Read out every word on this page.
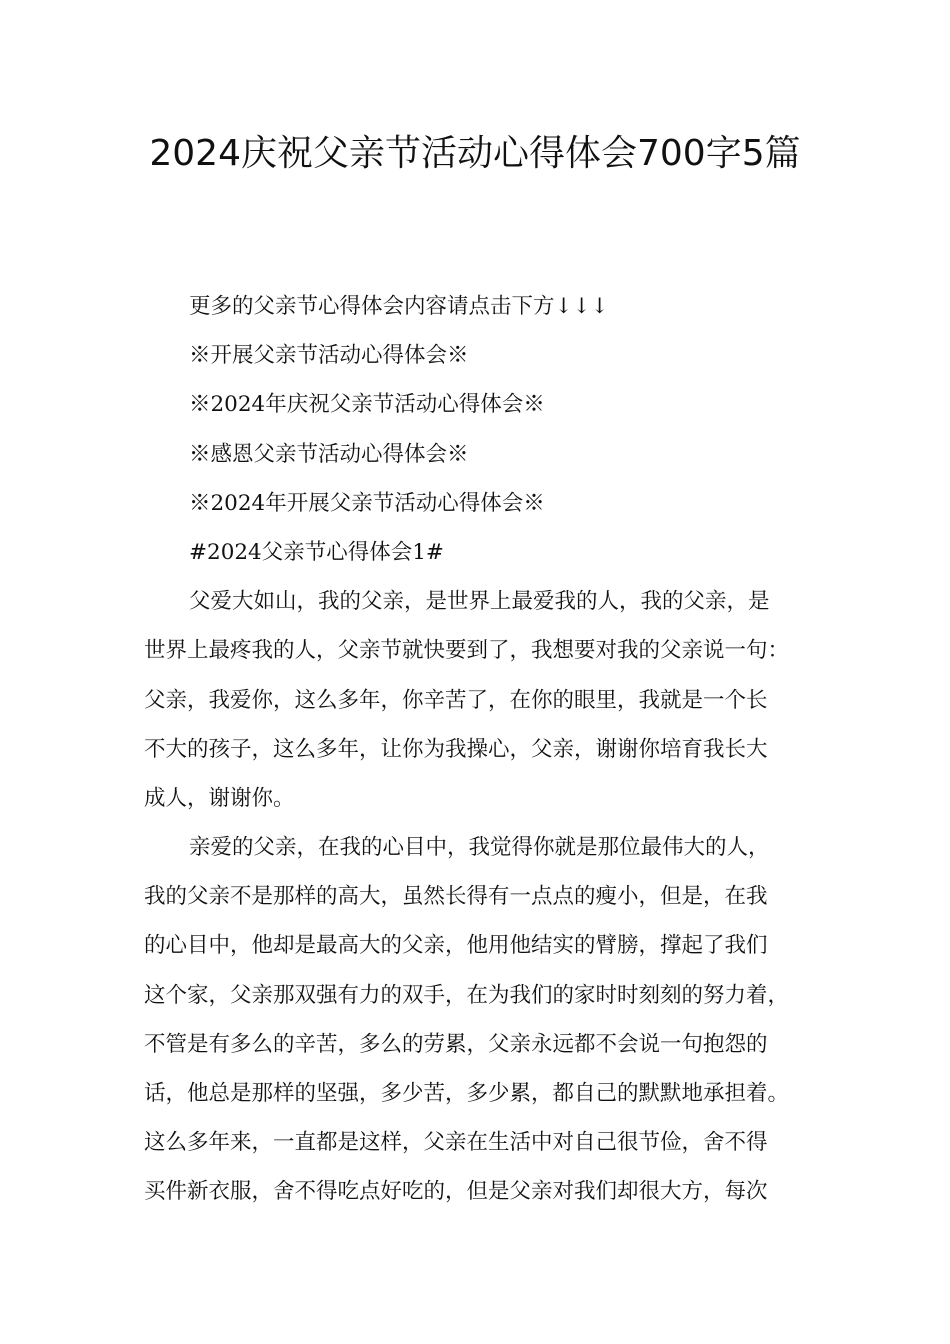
2024庆祝父亲节活动心得体会700字5篇
更多的父亲节心得体会内容请点击下方↓↓↓
※开展父亲节活动心得体会※
※2024年庆祝父亲节活动心得体会※
※感恩父亲节活动心得体会※
※2024年开展父亲节活动心得体会※
#2024父亲节心得体会1#
父爱大如山，我的父亲，是世界上最爱我的人，我的父亲，是
世界上最疼我的人，父亲节就快要到了，我想要对我的父亲说一句：
父亲，我爱你，这么多年，你辛苦了，在你的眼里，我就是一个长
不大的孩子，这么多年，让你为我操心，父亲，谢谢你培育我长大
成人，谢谢你。
亲爱的父亲，在我的心目中，我觉得你就是那位最伟大的人，
我的父亲不是那样的高大，虽然长得有一点点的瘦小，但是，在我
的心目中，他却是最高大的父亲，他用他结实的臂膀，撑起了我们
这个家，父亲那双强有力的双手，在为我们的家时时刻刻的努力着，
不管是有多么的辛苦，多么的劳累，父亲永远都不会说一句抱怨的
话，他总是那样的坚强，多少苦，多少累，都自己的默默地承担着。
这么多年来，一直都是这样，父亲在生活中对自己很节俭，舍不得
买件新衣服，舍不得吃点好吃的，但是父亲对我们却很大方，每次
